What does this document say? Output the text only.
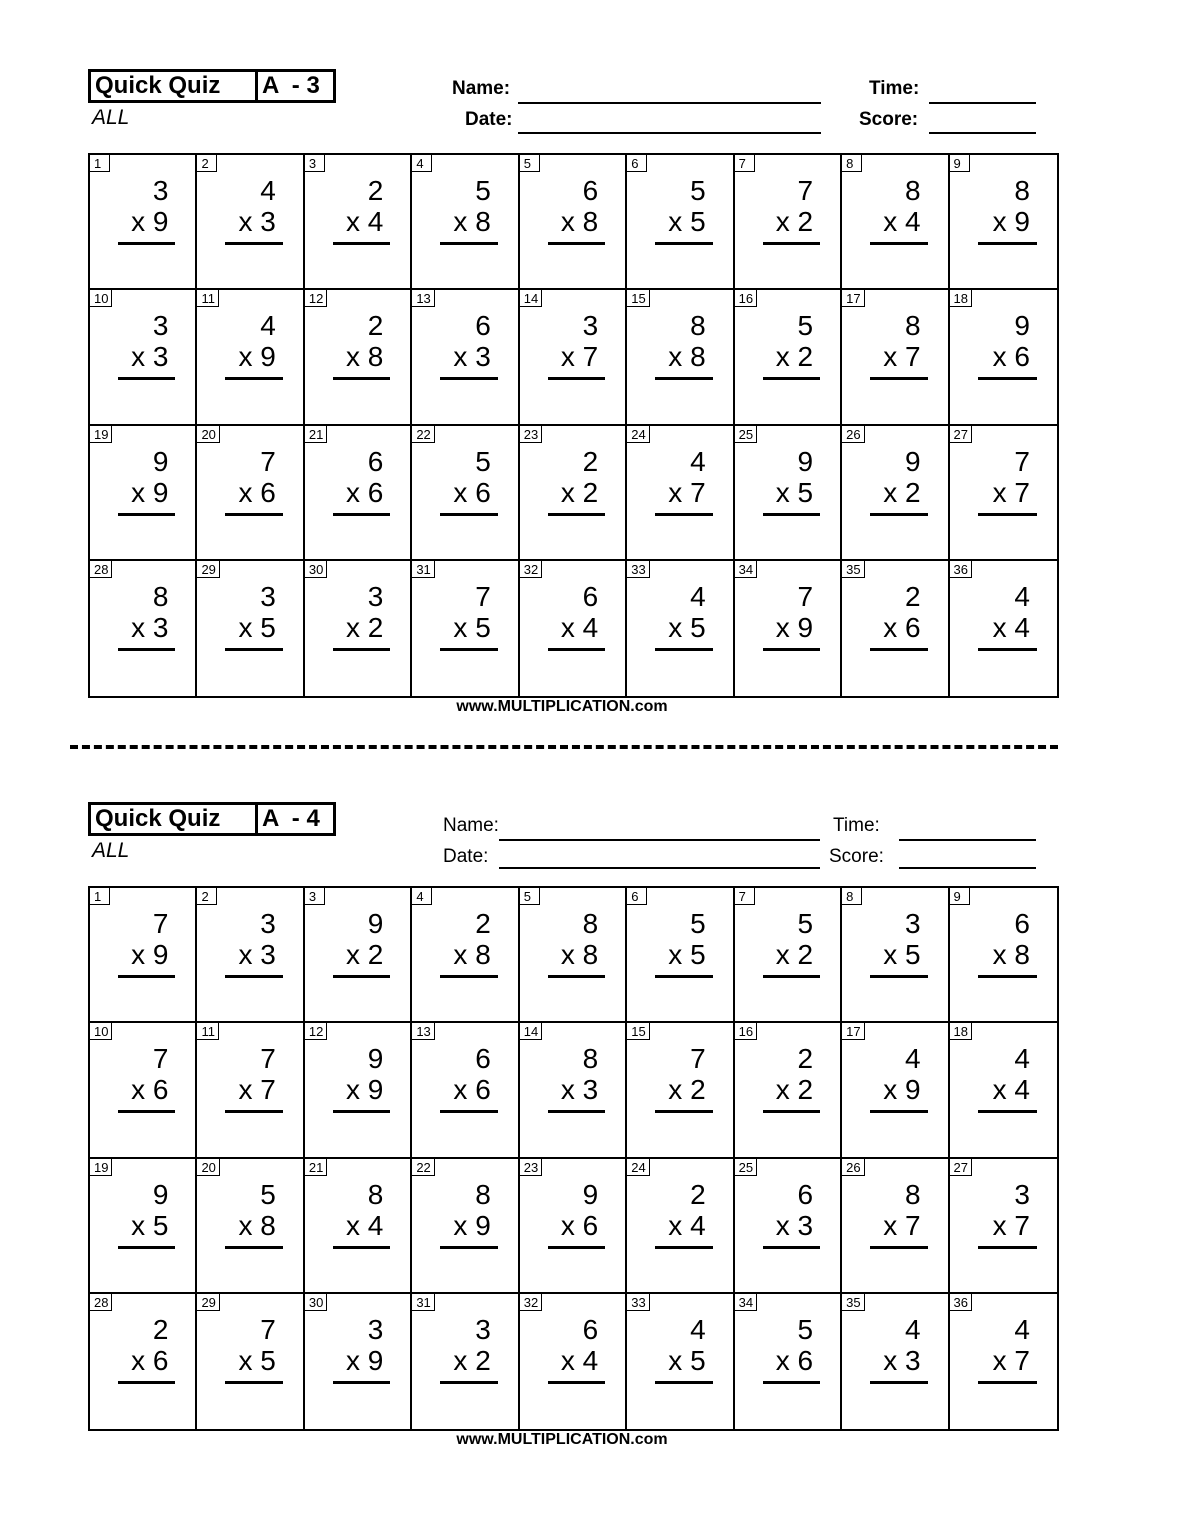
Quick Quiz	A  - 3
ALL
Name:
Date:
Time:
Score:
1
3
x 9
2
4
x 3
3
2
x 4
4
5
x 8
5
6
x 8
6
5
x 5
7
7
x 2
8
8
x 4
9
8
x 9
10
3
x 3
11
4
x 9
12
2
x 8
13
6
x 3
14
3
x 7
15
8
x 8
16
5
x 2
17
8
x 7
18
9
x 6
19
9
x 9
20
7
x 6
21
6
x 6
22
5
x 6
23
2
x 2
24
4
x 7
25
9
x 5
26
9
x 2
27
7
x 7
28
8
x 3
29
3
x 5
30
3
x 2
31
7
x 5
32
6
x 4
33
4
x 5
34
7
x 9
35
2
x 6
36
4
x 4
www.MULTIPLICATION.com
Quick Quiz	A  - 4
ALL
Name:
Date:
Time:
Score:
1
7
x 9
2
3
x 3
3
9
x 2
4
2
x 8
5
8
x 8
6
5
x 5
7
5
x 2
8
3
x 5
9
6
x 8
10
7
x 6
11
7
x 7
12
9
x 9
13
6
x 6
14
8
x 3
15
7
x 2
16
2
x 2
17
4
x 9
18
4
x 4
19
9
x 5
20
5
x 8
21
8
x 4
22
8
x 9
23
9
x 6
24
2
x 4
25
6
x 3
26
8
x 7
27
3
x 7
28
2
x 6
29
7
x 5
30
3
x 9
31
3
x 2
32
6
x 4
33
4
x 5
34
5
x 6
35
4
x 3
36
4
x 7
www.MULTIPLICATION.com
